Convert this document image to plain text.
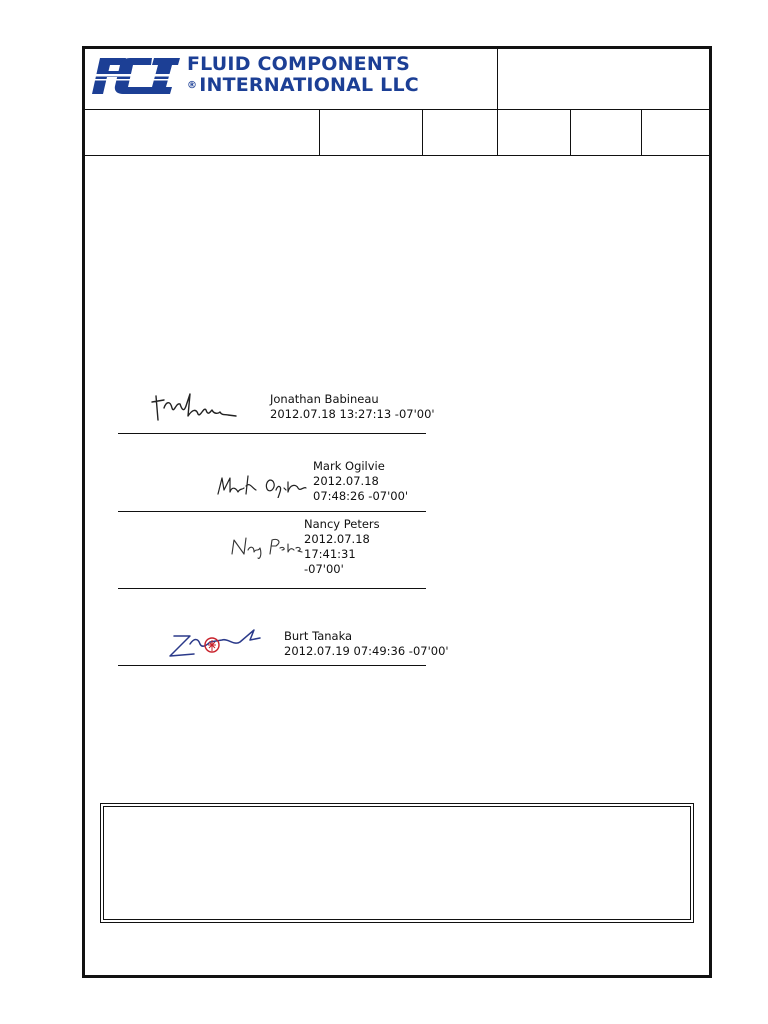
FLUID COMPONENTS
® INTERNATIONAL LLC
Jonathan Babineau
2012.07.18 13:27:13 -07'00'
Mark Ogilvie
2012.07.18
07:48:26 -07'00'
Nancy Peters
2012.07.18
17:41:31
-07'00'
Burt Tanaka
2012.07.19 07:49:36 -07'00'
